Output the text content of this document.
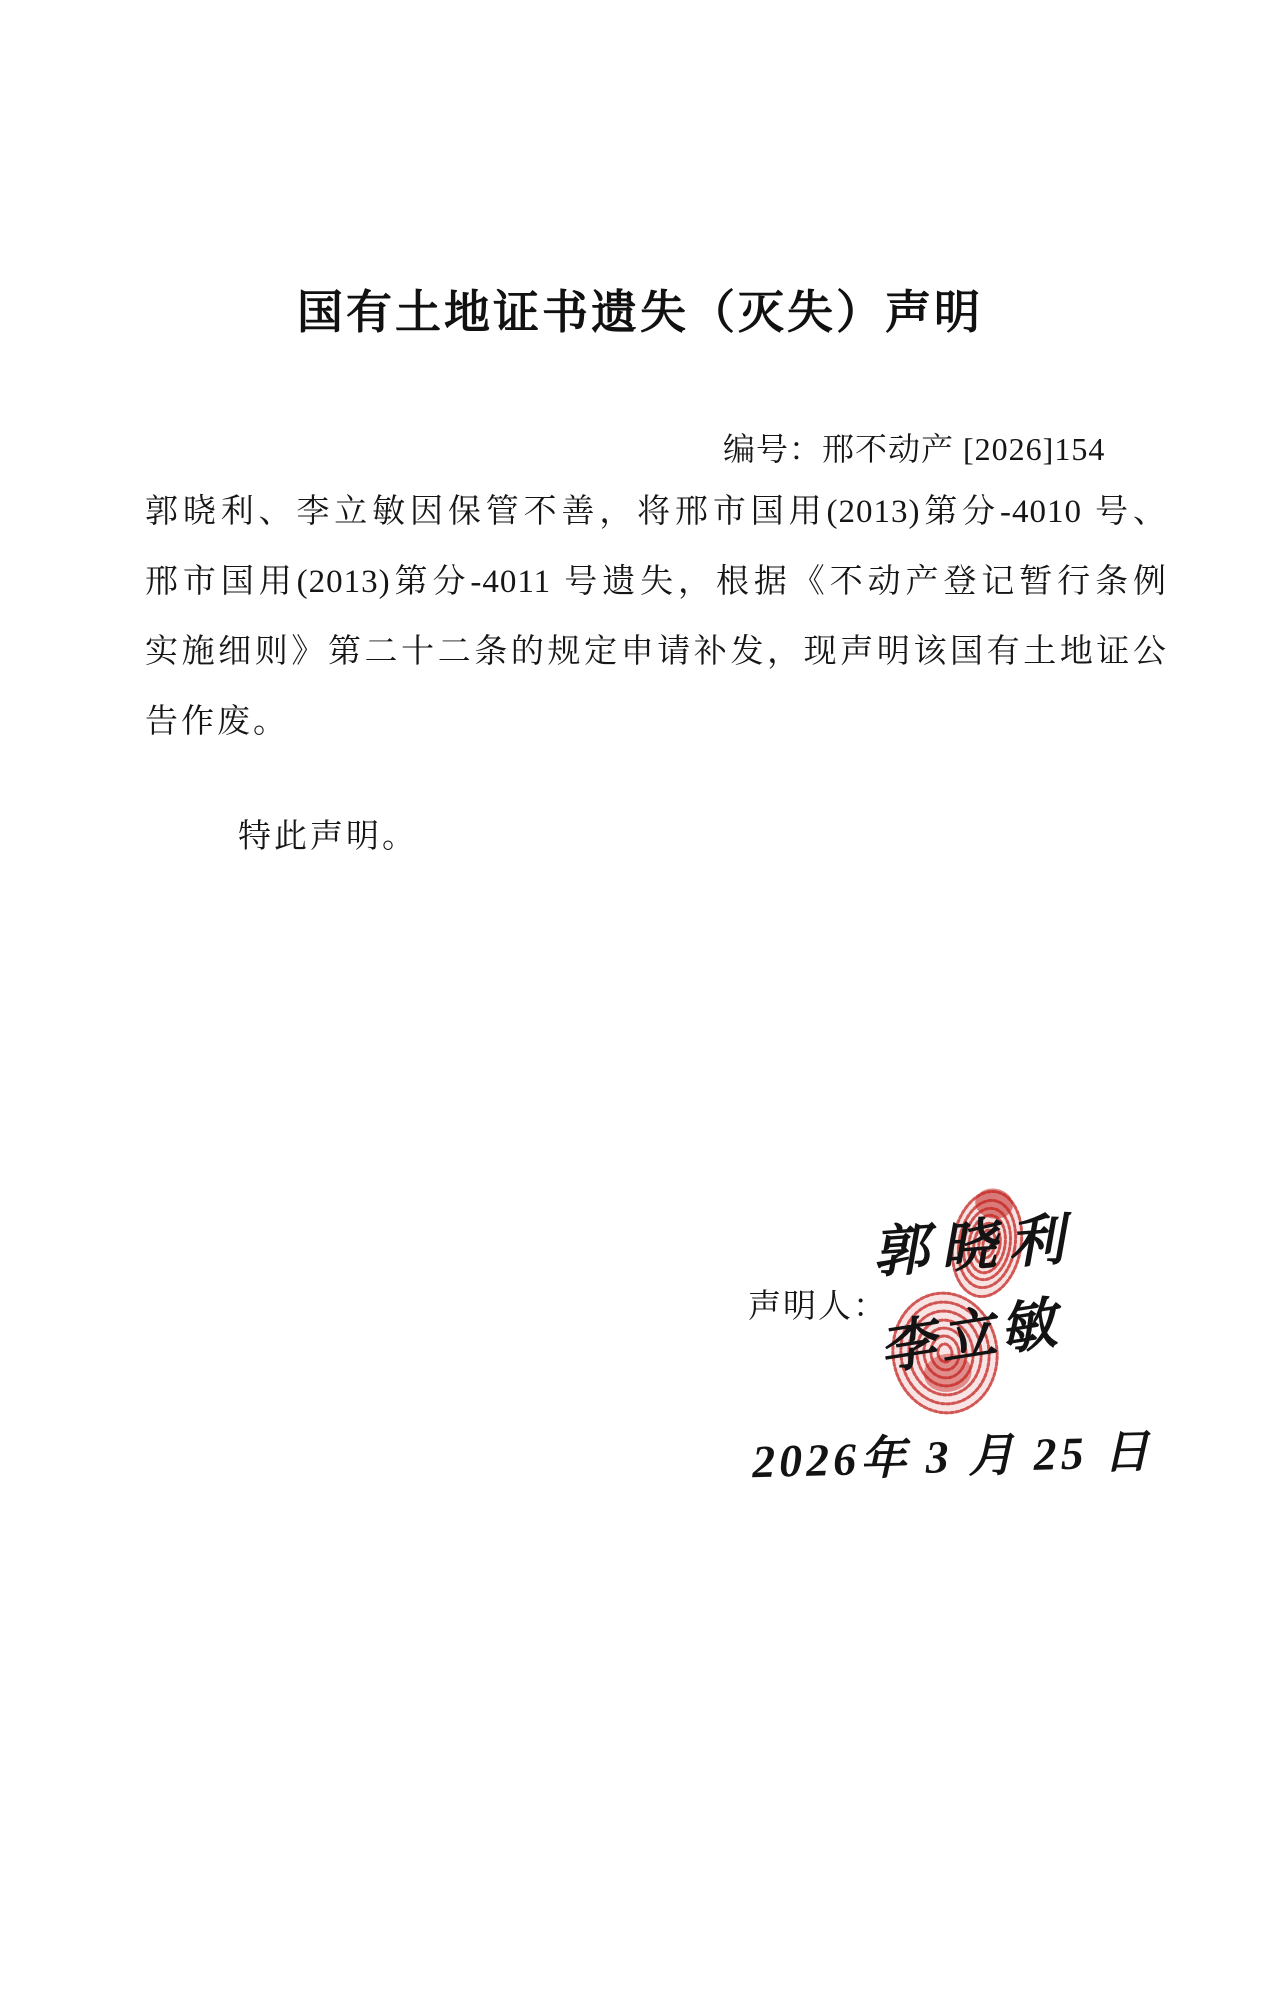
国有土地证书遗失（灭失）声明
编号：邢不动产 [2026]154
郭晓利、李立敏因保管不善，将邢市国用(2013)第分-4010 号、
邢市国用(2013)第分-4011 号遗失，根据《不动产登记暂行条例
实施细则》第二十二条的规定申请补发，现声明该国有土地证公
告作废。
特此声明。
声明人：
郭晓利
李立敏
2026年 3 月 25 日
